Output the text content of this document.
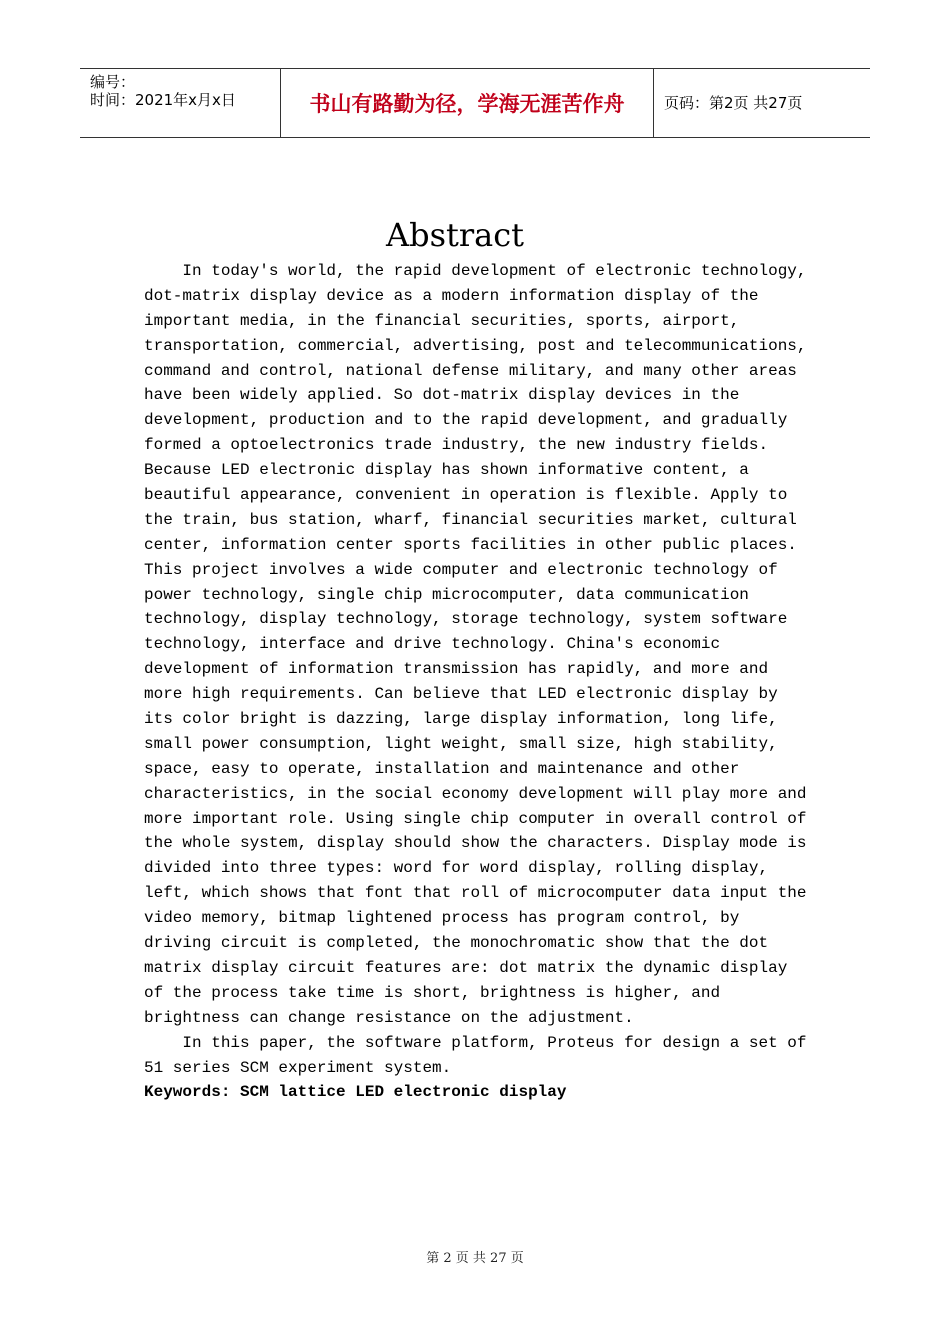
编号：
时间：2021年x月x日	书山有路勤为径，学海无涯苦作舟	页码：第2页 共27页
Abstract
In today's world, the rapid development of electronic technology,
dot-matrix display device as a modern information display of the
important media, in the financial securities, sports, airport,
transportation, commercial, advertising, post and telecommunications,
command and control, national defense military, and many other areas
have been widely applied. So dot-matrix display devices in the
development, production and to the rapid development, and gradually
formed a optoelectronics trade industry, the new industry fields.
Because LED electronic display has shown informative content, a
beautiful appearance, convenient in operation is flexible. Apply to
the train, bus station, wharf, financial securities market, cultural
center, information center sports facilities in other public places.
This project involves a wide computer and electronic technology of
power technology, single chip microcomputer, data communication
technology, display technology, storage technology, system software
technology, interface and drive technology. China's economic
development of information transmission has rapidly, and more and
more high requirements. Can believe that LED electronic display by
its color bright is dazzing, large display information, long life,
small power consumption, light weight, small size, high stability,
space, easy to operate, installation and maintenance and other
characteristics, in the social economy development will play more and
more important role. Using single chip computer in overall control of
the whole system, display should show the characters. Display mode is
divided into three types: word for word display, rolling display,
left, which shows that font that roll of microcomputer data input the
video memory, bitmap lightened process has program control, by
driving circuit is completed, the monochromatic show that the dot
matrix display circuit features are: dot matrix the dynamic display
of the process take time is short, brightness is higher, and
brightness can change resistance on the adjustment.
In this paper, the software platform, Proteus for design a set of
51 series SCM experiment system.
Keywords: SCM lattice LED electronic display
第 2 页 共 27 页
